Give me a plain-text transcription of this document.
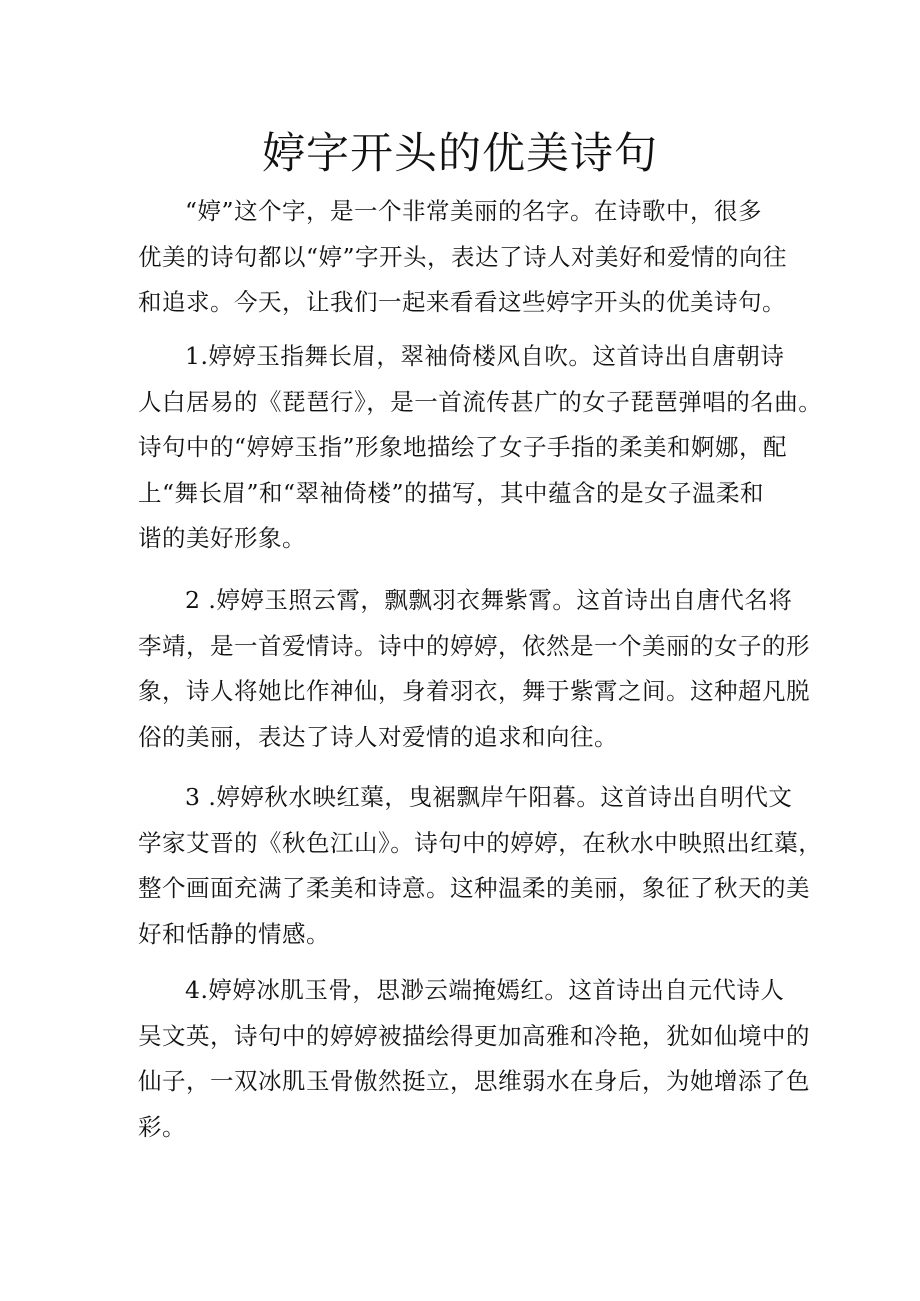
婷字开头的优美诗句
“婷”这个字，是一个非常美丽的名字。在诗歌中，很多
优美的诗句都以“婷”字开头，表达了诗人对美好和爱情的向往
和追求。今天，让我们一起来看看这些婷字开头的优美诗句。
1.婷婷玉指舞长眉，翠袖倚楼风自吹。这首诗出自唐朝诗
人白居易的《琵琶行》，是一首流传甚广的女子琵琶弹唱的名曲。
诗句中的“婷婷玉指”形象地描绘了女子手指的柔美和婀娜，配
上“舞长眉”和“翠袖倚楼”的描写，其中蕴含的是女子温柔和
谐的美好形象。
2 .婷婷玉照云霄，飘飘羽衣舞紫霄。这首诗出自唐代名将
李靖，是一首爱情诗。诗中的婷婷，依然是一个美丽的女子的形
象，诗人将她比作神仙，身着羽衣，舞于紫霄之间。这种超凡脱
俗的美丽，表达了诗人对爱情的追求和向往。
3 .婷婷秋水映红蕖，曳裾飘岸午阳暮。这首诗出自明代文
学家艾晋的《秋色江山》。诗句中的婷婷，在秋水中映照出红蕖，
整个画面充满了柔美和诗意。这种温柔的美丽，象征了秋天的美
好和恬静的情感。
4.婷婷冰肌玉骨，思渺云端掩嫣红。这首诗出自元代诗人
吴文英，诗句中的婷婷被描绘得更加高雅和冷艳，犹如仙境中的
仙子，一双冰肌玉骨傲然挺立，思维弱水在身后，为她增添了色
彩。
